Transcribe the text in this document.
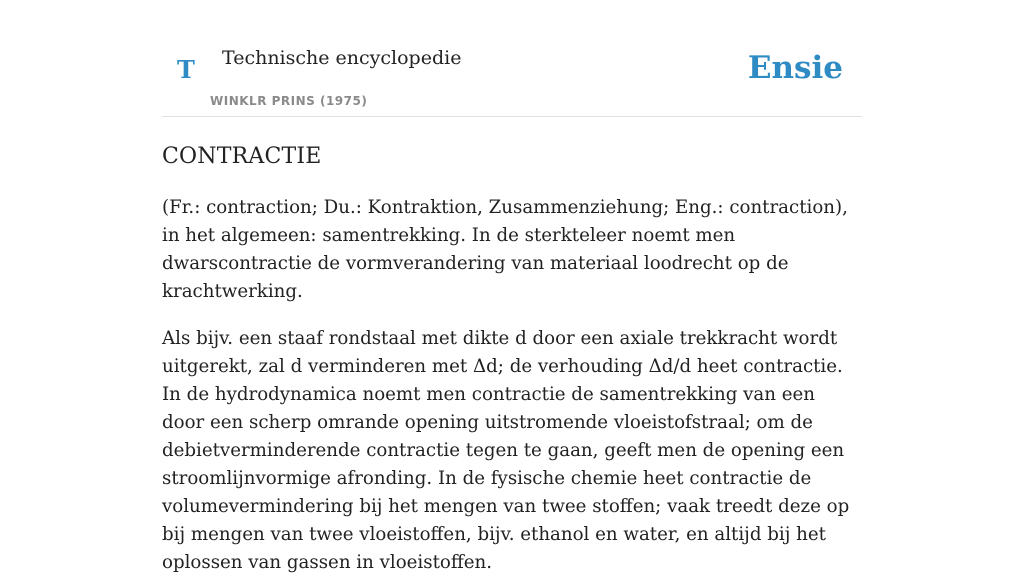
T Technische encyclopedie
WINKLR PRINS (1975)
Ensie
CONTRACTIE

(Fr.: contraction; Du.: Kontraktion, Zusammenziehung; Eng.: contraction), in het algemeen: samentrekking. In de sterkteleer noemt men dwarscontractie de vormverandering van materiaal loodrecht op de krachtwerking.

Als bijv. een staaf rondstaal met dikte d door een axiale trekkracht wordt uitgerekt, zal d verminderen met Δd; de verhouding Δd/d heet contractie. In de hydrodynamica noemt men contractie de samentrekking van een door een scherp omrande opening uitstromende vloeistofstraal; om de debietverminderende contractie tegen te gaan, geeft men de opening een stroomlijnvormige afronding. In de fysische chemie heet contractie de volumevermindering bij het mengen van twee stoffen; vaak treedt deze op bij mengen van twee vloeistoffen, bijv. ethanol en water, en altijd bij het oplossen van gassen in vloeistoffen.
